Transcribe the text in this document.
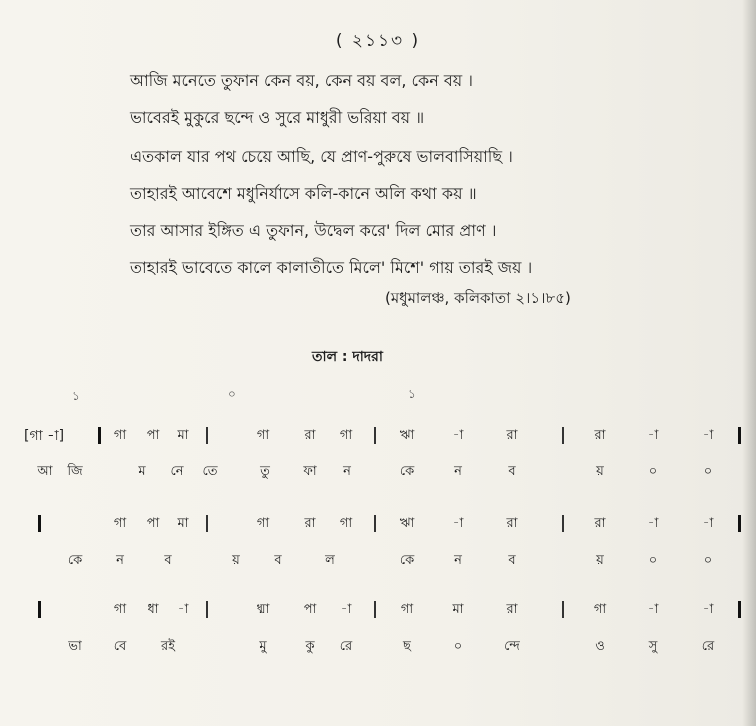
( ২১১৩ )
আজি মনেতে তুফান কেন বয়, কেন বয় বল, কেন বয় ।
ভাবেরই মুকুরে ছন্দে ও সুরে মাধুরী ভরিয়া বয় ॥
এতকাল যার পথ চেয়ে আছি, যে প্রাণ-পুরুষে ভালবাসিয়াছি ।
তাহারই আবেশে মধুনির্যাসে কলি-কানে অলি কথা কয় ॥
তার আসার ইঙ্গিত এ তুফান, উদ্বেল করে' দিল মোর প্রাণ ।
তাহারই ভাবেতে কালে কালাতীতে মিলে' মিশে' গায় তারই জয় ।
(মধুমালঞ্চ, কলিকাতা ২।১।৮৫)
তাল : দাদরা
১	০	১
[গা -া]	গা পা মা	গা	রা গা	ঋা	-া	রা	রা	-া	-া
আ জি	ম নে তে	তু	ফা ন	কে	ন	ব	য়	০	০
গা পা মা	গা	রা গা	ঋা	-া	রা	রা	-া	-া
কে	ন	ব	য়	ব	ল	কে	ন	ব	য়	০	০
গা ধা -া	ধ্মা	পা -া	গা	মা	রা	গা	-া	-া
ভা বে	রই	মু	কু রে	ছ	০	ন্দে	ও	সু	রে
